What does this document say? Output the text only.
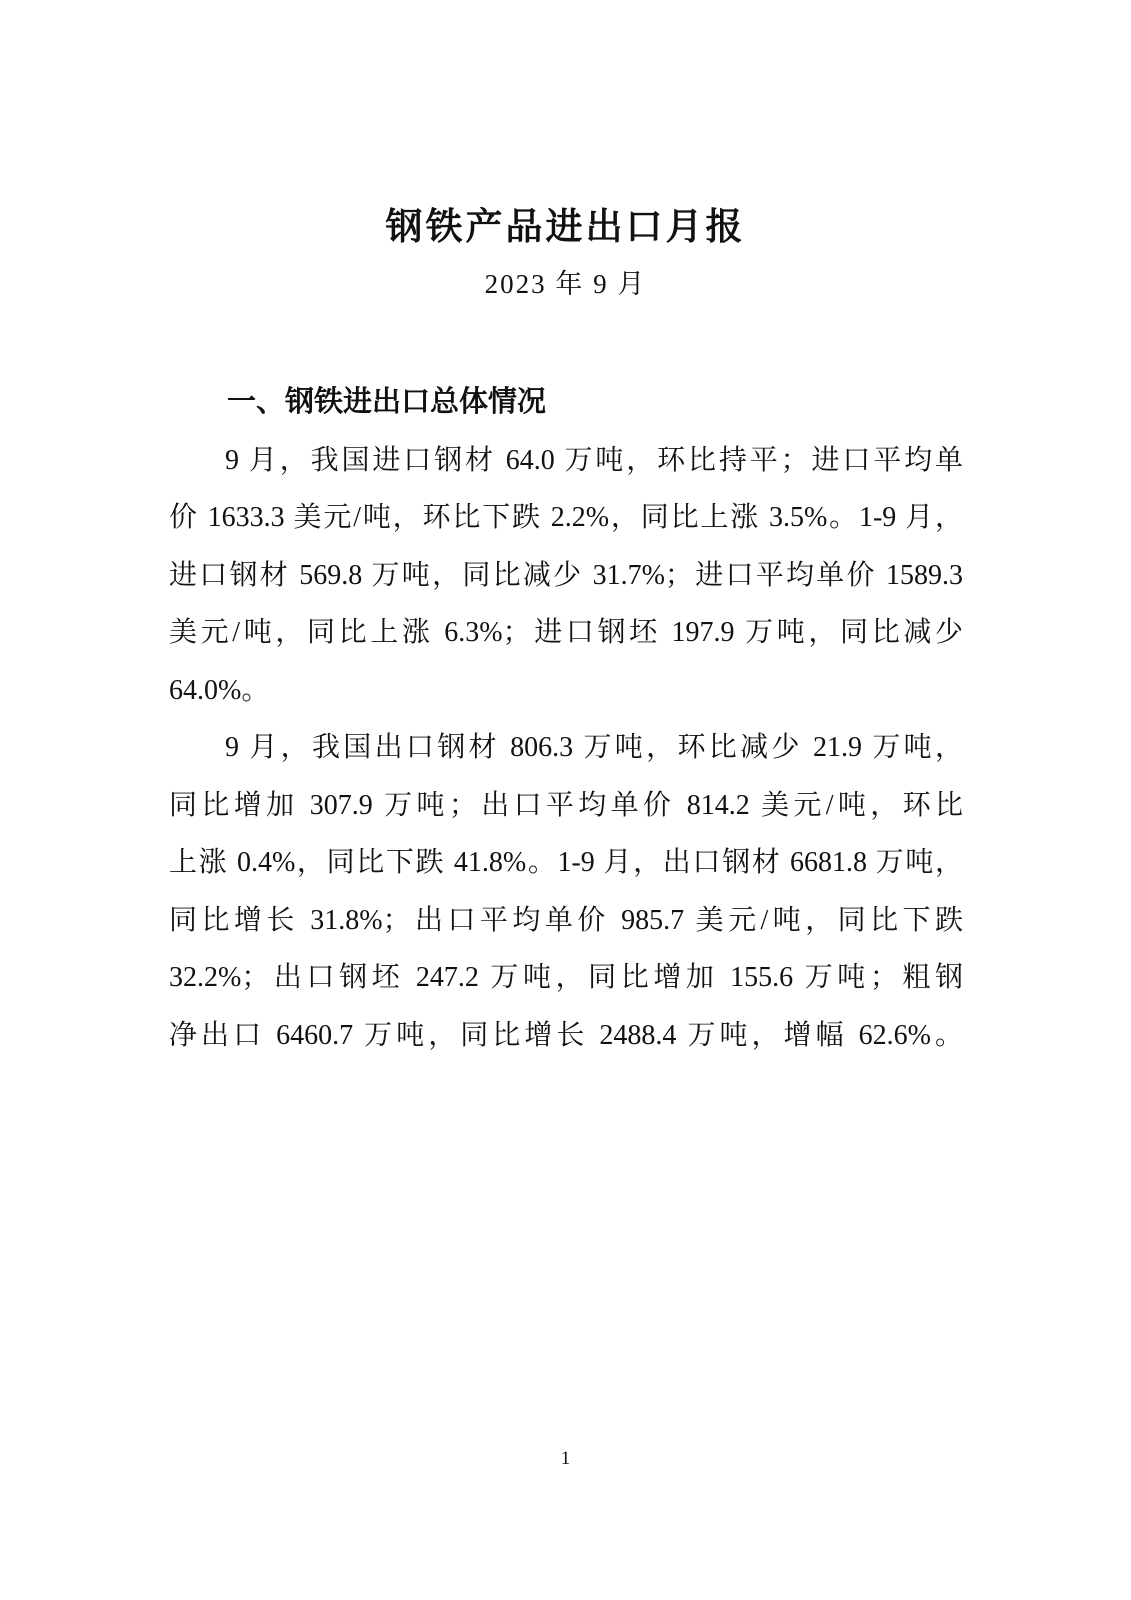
钢铁产品进出口月报
2023 年 9 月
一、钢铁进出口总体情况
9 月，我国进口钢材 64.0 万吨，环比持平；进口平均单
价 1633.3 美元/吨，环比下跌 2.2%，同比上涨 3.5%。1-9 月，
进口钢材 569.8 万吨，同比减少 31.7%；进口平均单价 1589.3
美元/吨，同比上涨 6.3%；进口钢坯 197.9 万吨，同比减少
64.0%。
9 月，我国出口钢材 806.3 万吨，环比减少 21.9 万吨，
同比增加 307.9 万吨；出口平均单价 814.2 美元/吨，环比
上涨 0.4%，同比下跌 41.8%。1-9 月，出口钢材 6681.8 万吨，
同比增长 31.8%；出口平均单价 985.7 美元/吨，同比下跌
32.2%；出口钢坯 247.2 万吨，同比增加 155.6 万吨；粗钢
净出口 6460.7 万吨，同比增长 2488.4 万吨，增幅 62.6%。
1
